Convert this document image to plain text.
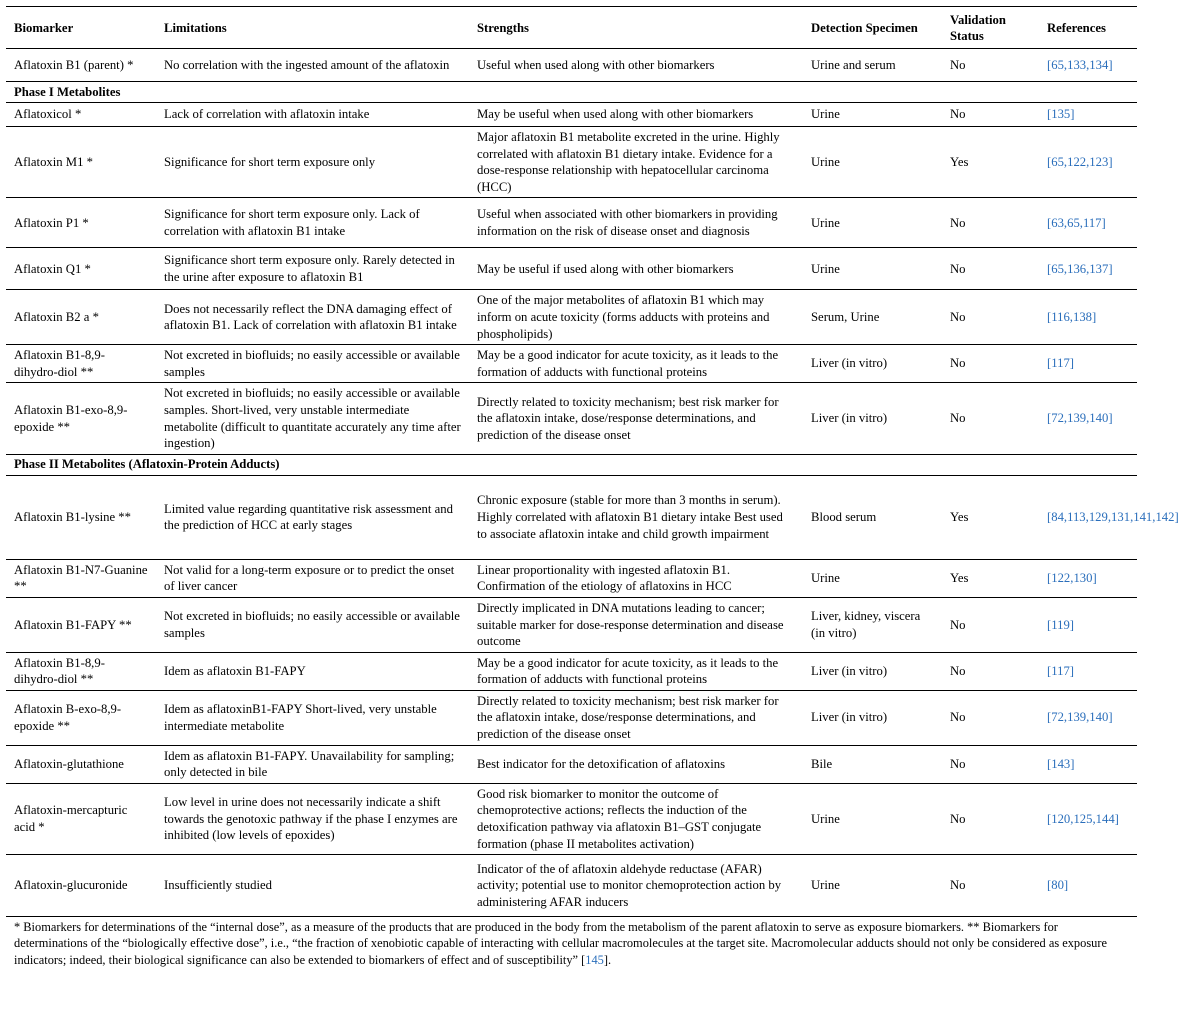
Biomarker	Limitations	Strengths	Detection Specimen	Validation Status	References
Aflatoxin B1 (parent) *	No correlation with the ingested amount of the aflatoxin	Useful when used along with other biomarkers	Urine and serum	No	[65,133,134]
Phase I Metabolites					
Aflatoxicol *	Lack of correlation with aflatoxin intake	May be useful when used along with other biomarkers	Urine	No	[135]
Aflatoxin M1 *	Significance for short term exposure only	Major aflatoxin B1 metabolite excreted in the urine. Highly correlated with aflatoxin B1 dietary intake. Evidence for a dose-response relationship with hepatocellular carcinoma (HCC)	Urine	Yes	[65,122,123]
Aflatoxin P1 *	Significance for short term exposure only. Lack of correlation with aflatoxin B1 intake	Useful when associated with other biomarkers in providing information on the risk of disease onset and diagnosis	Urine	No	[63,65,117]
Aflatoxin Q1 *	Significance short term exposure only. Rarely detected in the urine after exposure to aflatoxin B1	May be useful if used along with other biomarkers	Urine	No	[65,136,137]
Aflatoxin B2 a *	Does not necessarily reflect the DNA damaging effect of aflatoxin B1. Lack of correlation with aflatoxin B1 intake	One of the major metabolites of aflatoxin B1 which may inform on acute toxicity (forms adducts with proteins and phospholipids)	Serum, Urine	No	[116,138]
Aflatoxin B1-8,9-dihydro-diol **	Not excreted in biofluids; no easily accessible or available samples	May be a good indicator for acute toxicity, as it leads to the formation of adducts with functional proteins	Liver (in vitro)	No	[117]
Aflatoxin B1-exo-8,9-epoxide **	Not excreted in biofluids; no easily accessible or available samples. Short-lived, very unstable intermediate metabolite (difficult to quantitate accurately any time after ingestion)	Directly related to toxicity mechanism; best risk marker for the aflatoxin intake, dose/response determinations, and prediction of the disease onset	Liver (in vitro)	No	[72,139,140]
Phase II Metabolites (Aflatoxin-Protein Adducts)					
Aflatoxin B1-lysine **	Limited value regarding quantitative risk assessment and the prediction of HCC at early stages	Chronic exposure (stable for more than 3 months in serum). Highly correlated with aflatoxin B1 dietary intake Best used to associate aflatoxin intake and child growth impairment	Blood serum	Yes	[84,113,129,131,141,142]
Aflatoxin B1-N7-Guanine **	Not valid for a long-term exposure or to predict the onset of liver cancer	Linear proportionality with ingested aflatoxin B1. Confirmation of the etiology of aflatoxins in HCC	Urine	Yes	[122,130]
Aflatoxin B1-FAPY **	Not excreted in biofluids; no easily accessible or available samples	Directly implicated in DNA mutations leading to cancer; suitable marker for dose-response determination and disease outcome	Liver, kidney, viscera (in vitro)	No	[119]
Aflatoxin B1-8,9-dihydro-diol **	Idem as aflatoxin B1-FAPY	May be a good indicator for acute toxicity, as it leads to the formation of adducts with functional proteins	Liver (in vitro)	No	[117]
Aflatoxin B-exo-8,9-epoxide **	Idem as aflatoxinB1-FAPY Short-lived, very unstable intermediate metabolite	Directly related to toxicity mechanism; best risk marker for the aflatoxin intake, dose/response determinations, and prediction of the disease onset	Liver (in vitro)	No	[72,139,140]
Aflatoxin-glutathione	Idem as aflatoxin B1-FAPY. Unavailability for sampling; only detected in bile	Best indicator for the detoxification of aflatoxins	Bile	No	[143]
Aflatoxin-mercapturic acid *	Low level in urine does not necessarily indicate a shift towards the genotoxic pathway if the phase I enzymes are inhibited (low levels of epoxides)	Good risk biomarker to monitor the outcome of chemoprotective actions; reflects the induction of the detoxification pathway via aflatoxin B1–GST conjugate formation (phase II metabolites activation)	Urine	No	[120,125,144]
Aflatoxin-glucuronide	Insufficiently studied	Indicator of the of aflatoxin aldehyde reductase (AFAR) activity; potential use to monitor chemoprotection action by administering AFAR inducers	Urine	No	[80]
* Biomarkers for determinations of the “internal dose”, as a measure of the products that are produced in the body from the metabolism of the parent aflatoxin to serve as exposure biomarkers. ** Biomarkers for determinations of the “biologically effective dose”, i.e., “the fraction of xenobiotic capable of interacting with cellular macromolecules at the target site. Macromolecular adducts should not only be considered as exposure indicators; indeed, their biological significance can also be extended to biomarkers of effect and of susceptibility” [145].
